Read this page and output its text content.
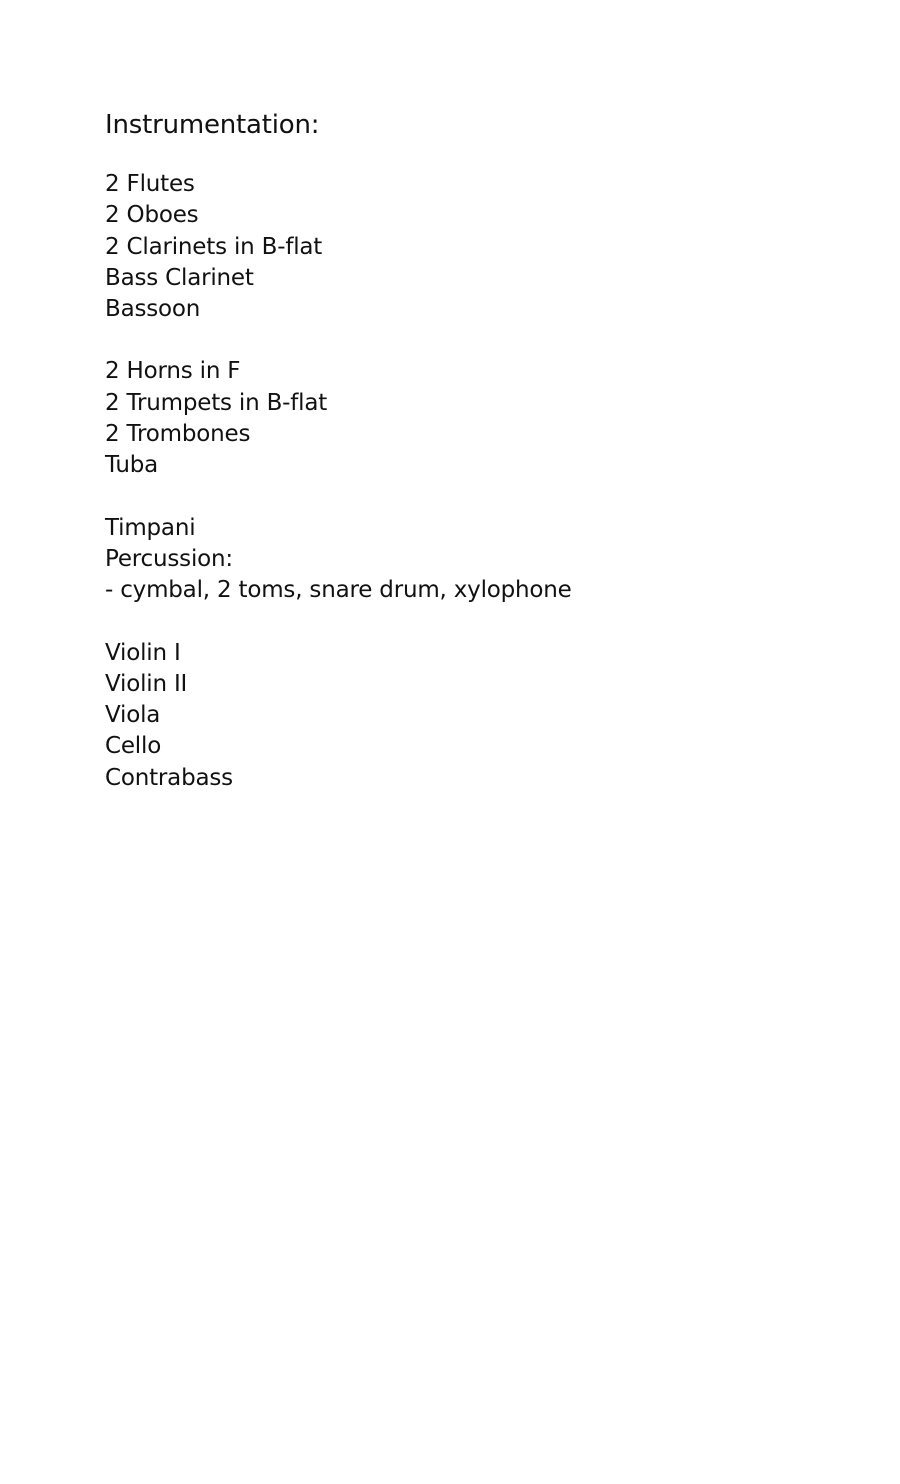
Instrumentation:
2 Flutes
2 Oboes
2 Clarinets in B-flat
Bass Clarinet
Bassoon
2 Horns in F
2 Trumpets in B-flat
2 Trombones
Tuba
Timpani
Percussion:
- cymbal, 2 toms, snare drum, xylophone
Violin I
Violin II
Viola
Cello
Contrabass
